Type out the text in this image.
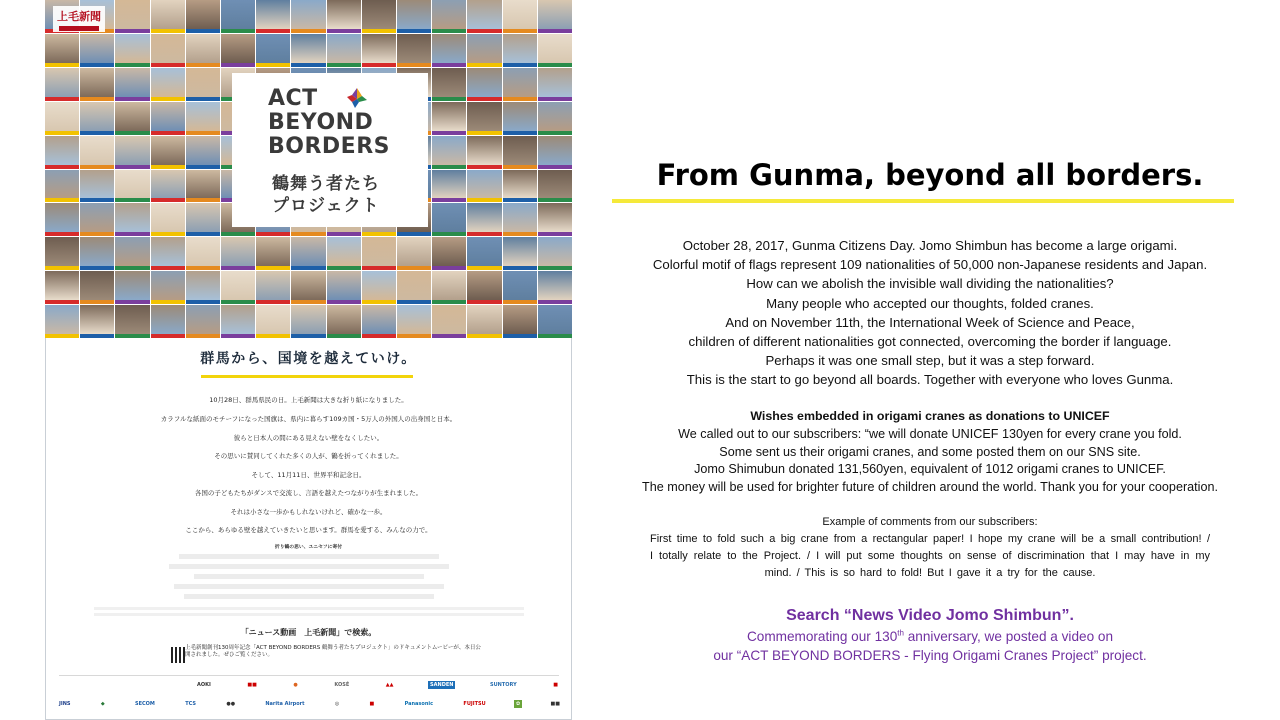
上毛新聞
ACT
BEYOND
BORDERS
鶴舞う者たち
プロジェクト
群馬から、国境を越えていけ。
10月28日、群馬県民の日。上毛新聞は大きな折り紙になりました。
カラフルな紙面のモチーフになった国旗は、県内に暮らす109カ国・5万人の外国人の出身国と日本。
彼らと日本人の間にある見えない壁をなくしたい。
その思いに賛同してくれた多くの人が、鶴を折ってくれました。
そして、11月11日、世界平和記念日。
各国の子どもたちがダンスで交流し、言語を越えたつながりが生まれました。
それは小さな一歩かもしれないけれど、確かな一歩。
ここから、あらゆる壁を越えていきたいと思います。群馬を愛する、みんなの力で。
折り鶴の思い、ユニセフに寄付
「ニュース動画　上毛新聞」で検索。
上毛新聞創刊130周年記念「ACT BEYOND BORDERS 鶴舞う者たちプロジェクト」のドキュメントムービーが、本日公開されました。ぜひご覧ください。
AOKI	■■	●	KOSÉ	▲▲	SANDEN	SUNTORY	■
JINS	◆	SECOM	TCS	●●	Narita Airport	◎	■	Panasonic	FUJITSU	✿	■■
From Gunma, beyond all borders.
October 28, 2017, Gunma Citizens Day. Jomo Shimbun has become a large origami.
Colorful motif of flags represent 109 nationalities of 50,000 non-Japanese residents and Japan.
How can we abolish the invisible wall dividing the nationalities?
Many people who accepted our thoughts, folded cranes.
And on November 11th, the International Week of Science and Peace,
children of different nationalities got connected, overcoming the border if language.
Perhaps it was one small step, but it was a step forward.
This is the start to go beyond all boards. Together with everyone who loves Gunma.
Wishes embedded in origami cranes as donations to UNICEF
We called out to our subscribers: “we will donate UNICEF 130yen for every crane you fold.
Some sent us their origami cranes, and some posted them on our SNS site.
Jomo Shimubun donated 131,560yen, equivalent of 1012 origami cranes to UNICEF.
The money will be used for brighter future of children around the world. Thank you for your cooperation.
Example of comments from our subscribers:
First time to fold such a big crane from a rectangular paper! I hope my crane will be a small contribution! / I totally relate to the Project. / I will put some thoughts on sense of discrimination that I may have in my mind. / This is so hard to fold! But I gave it a try for the cause.
Search “News Video Jomo Shimbun”.
Commemorating our 130th anniversary, we posted a video on
our “ACT BEYOND BORDERS - Flying Origami Cranes Project” project.
